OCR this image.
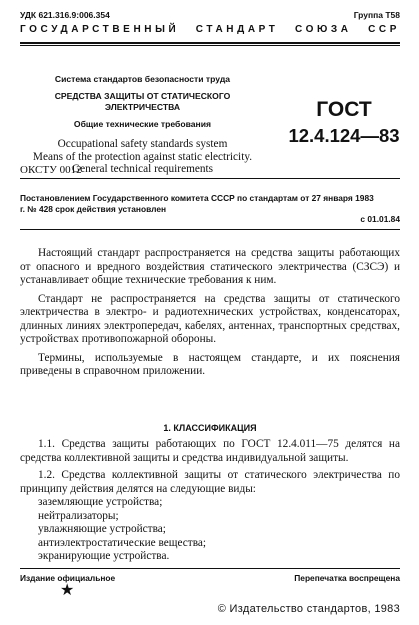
УДК 621.316.9:006.354	Группа Т58
ГОСУДАРСТВЕННЫЙ СТАНДАРТ СОЮЗА ССР
Система стандартов безопасности труда
СРЕДСТВА ЗАЩИТЫ ОТ СТАТИЧЕСКОГО ЭЛЕКТРИЧЕСТВА
Общие технические требования
Occupational safety standards system
Means of the protection against static electricity.
General technical requirements
ГОСТ
12.4.124—83
ОКСТУ 0012
Постановлением Государственного комитета СССР по стандартам от 27 января 1983 г. № 428 срок действия установлен
с 01.01.84

Настоящий стандарт распространяется на средства защиты работающих от опасного и вредного воздействия статического электричества (СЗСЭ) и устанавливает общие технические требования к ним.

Стандарт не распространяется на средства защиты от статического электричества в электро- и радиотехнических устройствах, конденсаторах, длинных линиях электропередач, кабелях, антеннах, транспортных средствах, устройствах противопожарной обороны.

Термины, используемые в настоящем стандарте, и их пояснения приведены в справочном приложении.

1. КЛАССИФИКАЦИЯ

1.1. Средства защиты работающих по ГОСТ 12.4.011—75 делятся на средства коллективной защиты и средства индивидуальной защиты.

1.2. Средства коллективной защиты от статического электричества по принципу действия делятся на следующие виды:

заземляющие устройства;
нейтрализаторы;
увлажняющие устройства;
антиэлектростатические вещества;
экранирующие устройства.
Издание официальное	Перепечатка воспрещена
★
© Издательство стандартов, 1983
